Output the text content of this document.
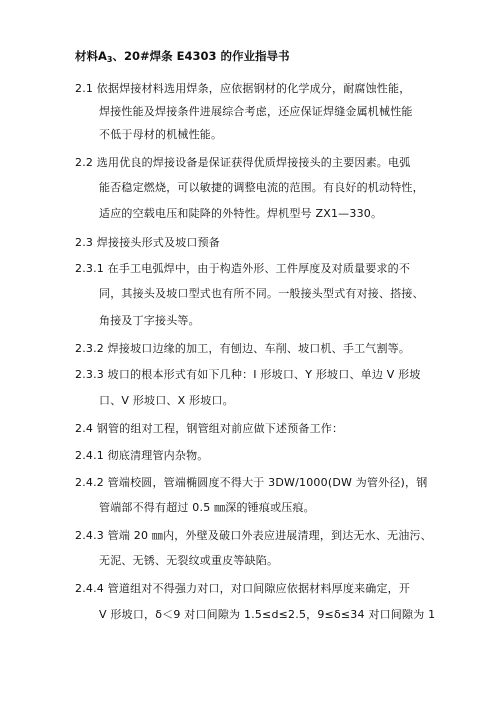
材料$A_3$、20#焊条 E4303 的作业指导书
2.1 依据焊接材料选用焊条，应依据钢材的化学成分，耐腐蚀性能，
焊接性能及焊接条件进展综合考虑，还应保证焊缝金属机械性能
不低于母材的机械性能。
2.2 选用优良的焊接设备是保证获得优质焊接接头的主要因素。电弧
能否稳定燃烧，可以敏捷的调整电流的范围。有良好的机动特性，
适应的空载电压和陡降的外特性。焊机型号 ZX1—330。
2.3 焊接接头形式及坡口预备
2.3.1 在手工电弧焊中，由于构造外形、工件厚度及对质量要求的不
同，其接头及坡口型式也有所不同。一般接头型式有对接、搭接、
角接及丁字接头等。
2.3.2 焊接坡口边缘的加工，有刨边、车削、坡口机、手工气割等。
2.3.3 坡口的根本形式有如下几种：I 形坡口、Y 形坡口、单边 V 形坡
口、V 形坡口、X 形坡口。
2.4 钢管的组对工程，钢管组对前应做下述预备工作：
2.4.1 彻底清理管内杂物。
2.4.2 管端校圆，管端椭圆度不得大于 3DW/1000(DW 为管外径)，钢
管端部不得有超过 0.5 ㎜深的锤痕或压痕。
2.4.3 管端 20 ㎜内，外壁及破口外表应进展清理，到达无水、无油污、
无泥、无锈、无裂纹或重皮等缺陷。
2.4.4 管道组对不得强力对口，对口间隙应依据材料厚度来确定，开
V 形坡口，δ＜9 对口间隙为 1.5≤d≤2.5，9≤δ≤34 对口间隙为 1
